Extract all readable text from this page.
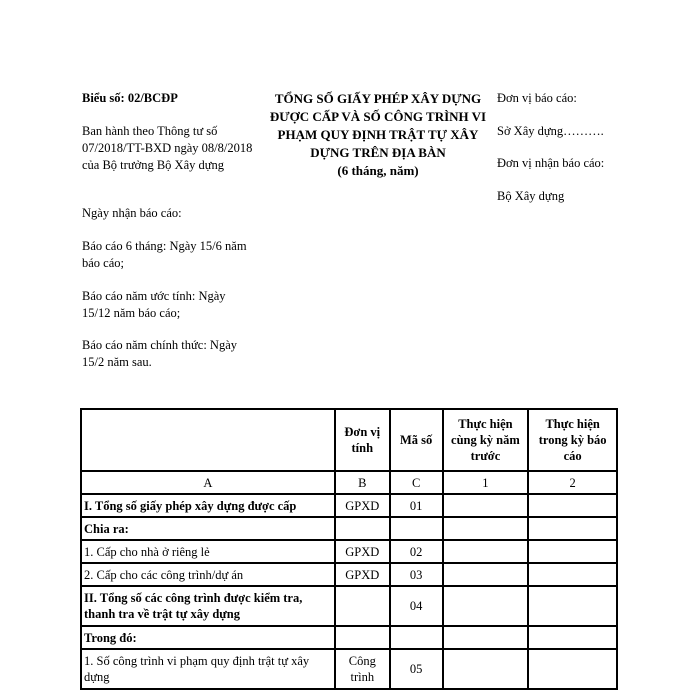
Biểu số: 02/BCĐP
Ban hành theo Thông tư số 07/2018/TT-BXD ngày 08/8/2018 của Bộ trưởng Bộ Xây dựng
Ngày nhận báo cáo:
Báo cáo 6 tháng: Ngày 15/6 năm báo cáo;
Báo cáo năm ước tính: Ngày 15/12 năm báo cáo;
Báo cáo năm chính thức: Ngày 15/2 năm sau.
TỔNG SỐ GIẤY PHÉP XÂY DỰNG ĐƯỢC CẤP VÀ SỐ CÔNG TRÌNH VI PHẠM QUY ĐỊNH TRẬT TỰ XÂY DỰNG TRÊN ĐỊA BÀN
(6 tháng, năm)
Đơn vị báo cáo:
Sở Xây dựng……….
Đơn vị nhận báo cáo:
Bộ Xây dựng
	Đơn vị tính	Mã số	Thực hiện cùng kỳ năm trước	Thực hiện trong kỳ báo cáo
A	B	C	1	2
I. Tổng số giấy phép xây dựng được cấp	GPXD	01		
Chia ra:				
1. Cấp cho nhà ở riêng lẻ	GPXD	02		
2. Cấp cho các công trình/dự án	GPXD	03		
II. Tổng số các công trình được kiểm tra, thanh tra về trật tự xây dựng		04		
Trong đó:				
1. Số công trình vi phạm quy định trật tự xây dựng	Công trình	05		
